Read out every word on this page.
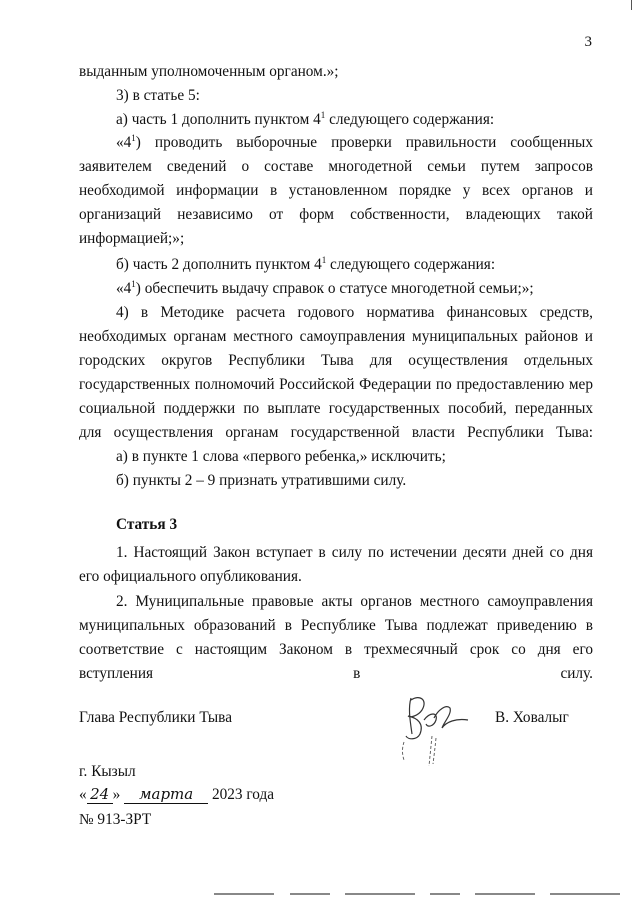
3

выданным уполномоченным органом.»;

3) в статье 5:

а) часть 1 дополнить пунктом $4^1$ следующего содержания:

«$4^1$) проводить выборочные проверки правильности сообщенных заявителем сведений о составе многодетной семьи путем запросов необходимой информации в установленном порядке у всех органов и организаций независимо от форм собственности, владеющих такой информацией;»;

б) часть 2 дополнить пунктом $4^1$ следующего содержания:

«$4^1$) обеспечить выдачу справок о статусе многодетной семьи;»;

4) в Методике расчета годового норматива финансовых средств, необходимых органам местного самоуправления муниципальных районов и городских округов Республики Тыва для осуществления отдельных государственных полномочий Российской Федерации по предоставлению мер социальной поддержки по выплате государственных пособий, переданных для осуществления органам государственной власти Республики Тыва:

а) в пункте 1 слова «первого ребенка,» исключить;

б) пункты 2 – 9 признать утратившими силу.

Статья 3

1. Настоящий Закон вступает в силу по истечении десяти дней со дня его официального опубликования.

2. Муниципальные правовые акты органов местного самоуправления муниципальных образований в Республике Тыва подлежат приведению в соответствие с настоящим Законом в трехмесячный срок со дня его вступления в силу.

Глава Республики Тыва	В. Ховалыг
г. Кызыл
« 24 » марта 2023 года
№ 913-ЗРТ
